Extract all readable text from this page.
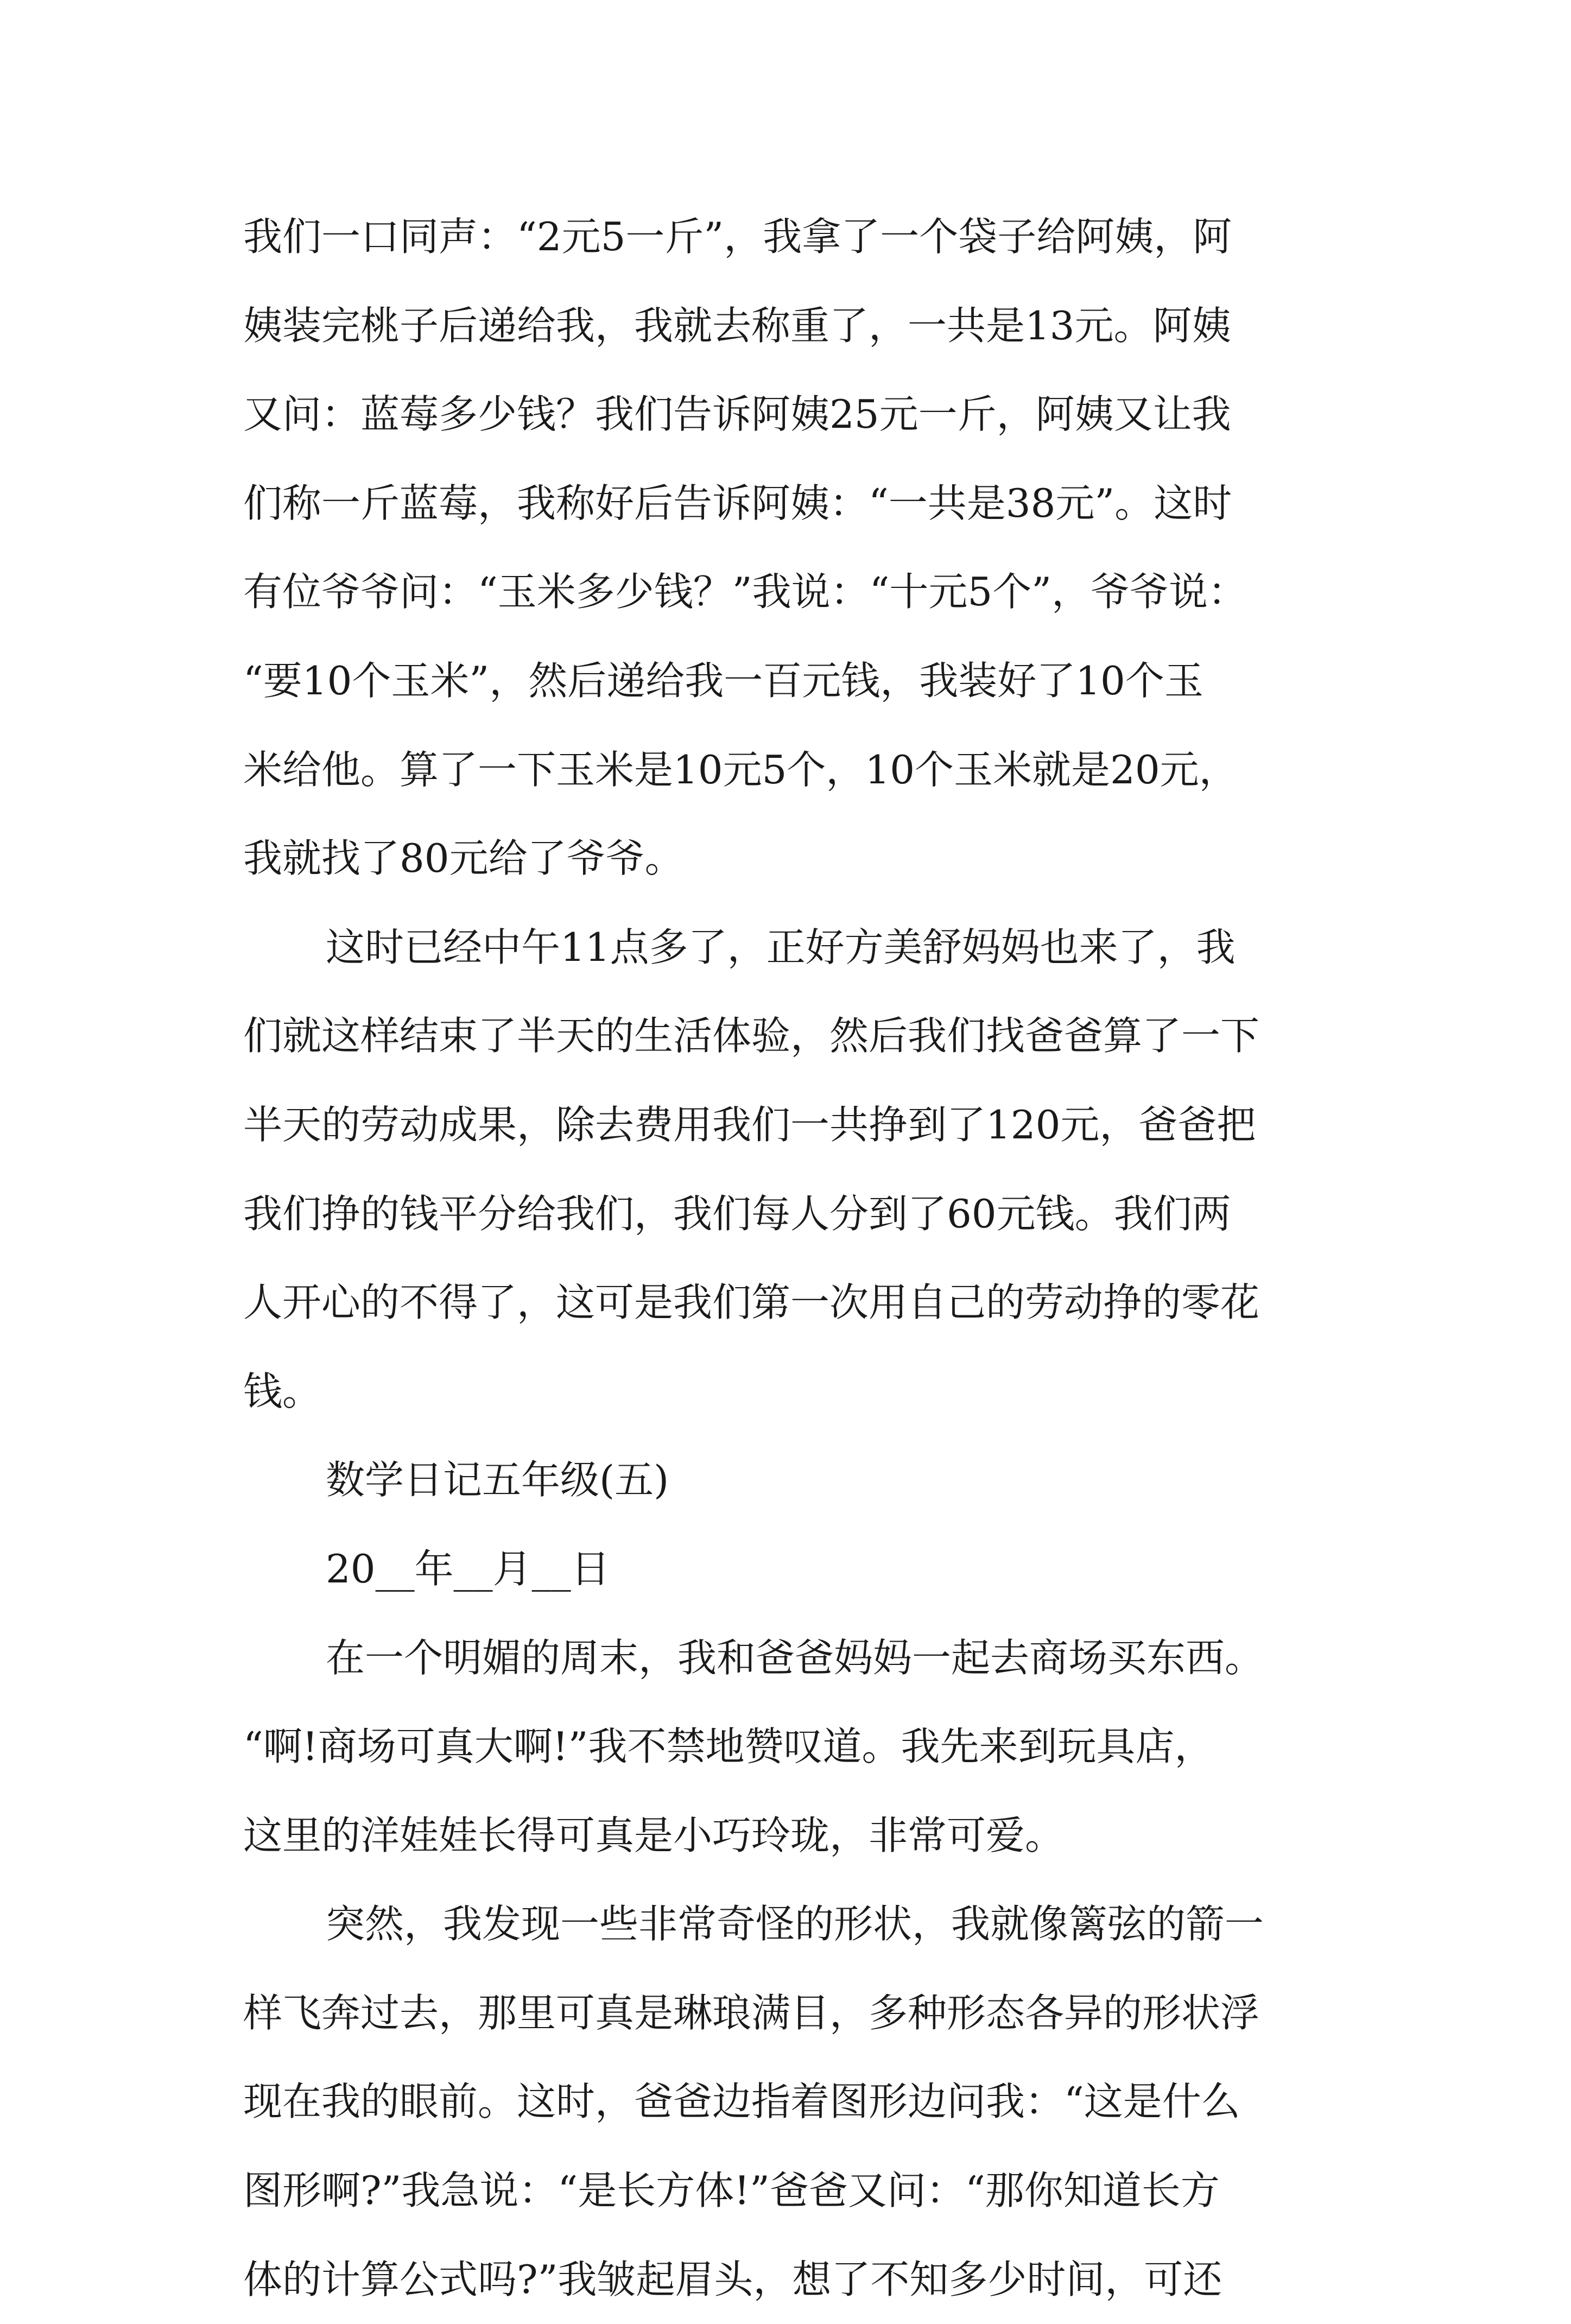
我们一口同声：“2元5一斤”，我拿了一个袋子给阿姨，阿
姨装完桃子后递给我，我就去称重了，一共是13元。阿姨
又问：蓝莓多少钱？我们告诉阿姨25元一斤，阿姨又让我
们称一斤蓝莓，我称好后告诉阿姨：“一共是38元”。这时
有位爷爷问：“玉米多少钱？”我说：“十元5个”，爷爷说：
“要10个玉米”，然后递给我一百元钱，我装好了10个玉
米给他。算了一下玉米是10元5个，10个玉米就是20元，
我就找了80元给了爷爷。
这时已经中午11点多了，正好方美舒妈妈也来了，我
们就这样结束了半天的生活体验，然后我们找爸爸算了一下
半天的劳动成果，除去费用我们一共挣到了120元，爸爸把
我们挣的钱平分给我们，我们每人分到了60元钱。我们两
人开心的不得了，这可是我们第一次用自己的劳动挣的零花
钱。
数学日记五年级(五)
20__年__月__日
在一个明媚的周末，我和爸爸妈妈一起去商场买东西。
“啊!商场可真大啊!”我不禁地赞叹道。我先来到玩具店，
这里的洋娃娃长得可真是小巧玲珑，非常可爱。
突然，我发现一些非常奇怪的形状，我就像篱弦的箭一
样飞奔过去，那里可真是琳琅满目，多种形态各异的形状浮
现在我的眼前。这时，爸爸边指着图形边问我：“这是什么
图形啊?”我急说：“是长方体!”爸爸又问：“那你知道长方
体的计算公式吗?”我皱起眉头，想了不知多少时间，可还
